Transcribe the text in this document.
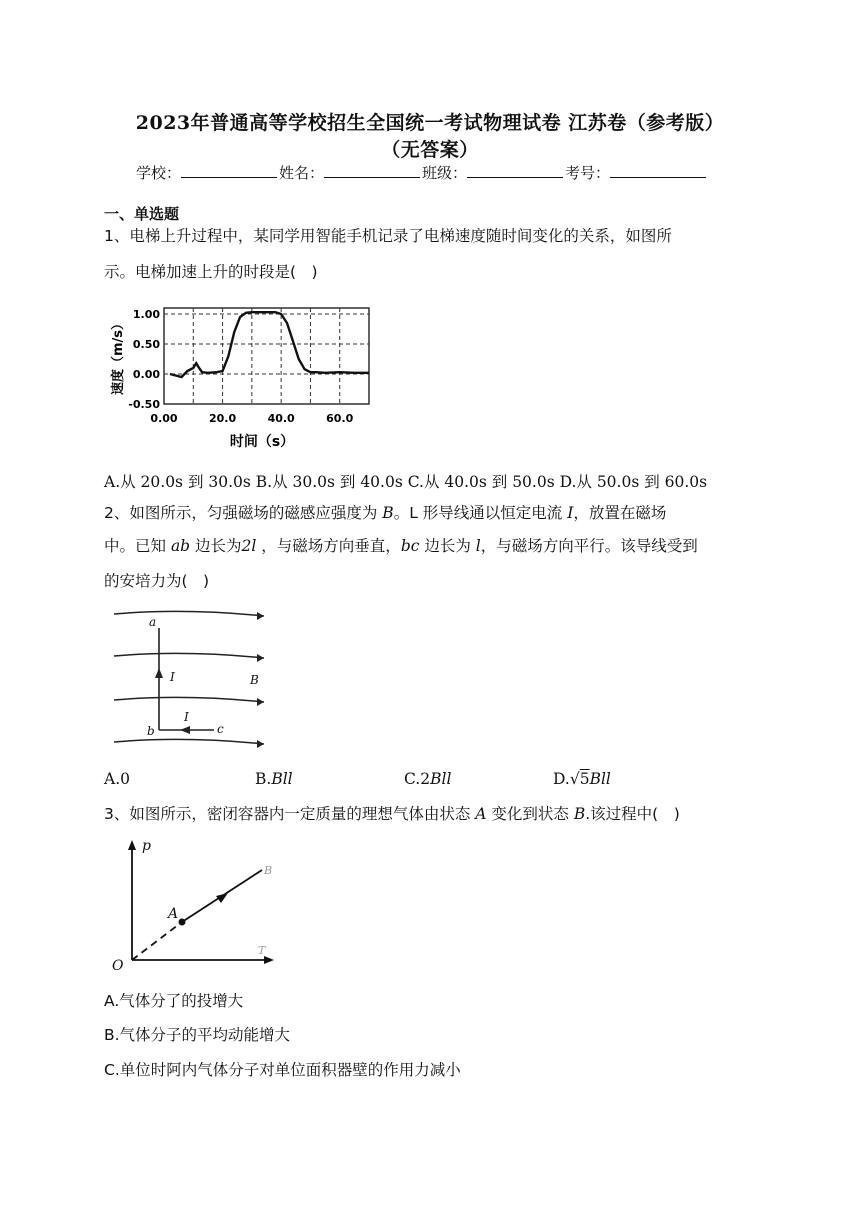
2023年普通高等学校招生全国统一考试物理试卷 江苏卷（参考版）
（无答案）
学校：	姓名：	班级：	考号：
一、单选题
1、电梯上升过程中，某同学用智能手机记录了电梯速度随时间变化的关系，如图所
示。电梯加速上升的时段是(　)
1.00
0.50
0.00
-0.50
0.00	20.0	40.0	60.0
时间（s）
速度（m/s）
A.从 20.0s 到 30.0s B.从 30.0s 到 40.0s C.从 40.0s 到 50.0s D.从 50.0s 到 60.0s
2、如图所示，匀强磁场的磁感应强度为 B。L 形导线通以恒定电流 I，放置在磁场
中。已知 ab 边长为2l ，与磁场方向垂直，bc 边长为 l，与磁场方向平行。该导线受到
的安培力为(　)
a
b	c
I
I
B
A.0	B.Bll	C.2Bll	D.√5Bll
3、如图所示，密闭容器内一定质量的理想气体由状态 A 变化到状态 B.该过程中(　)
p
O
A
B
T
A.气体分了的投增大
B.气体分子的平均动能增大
C.单位时阿内气体分子对单位面积器壁的作用力减小
